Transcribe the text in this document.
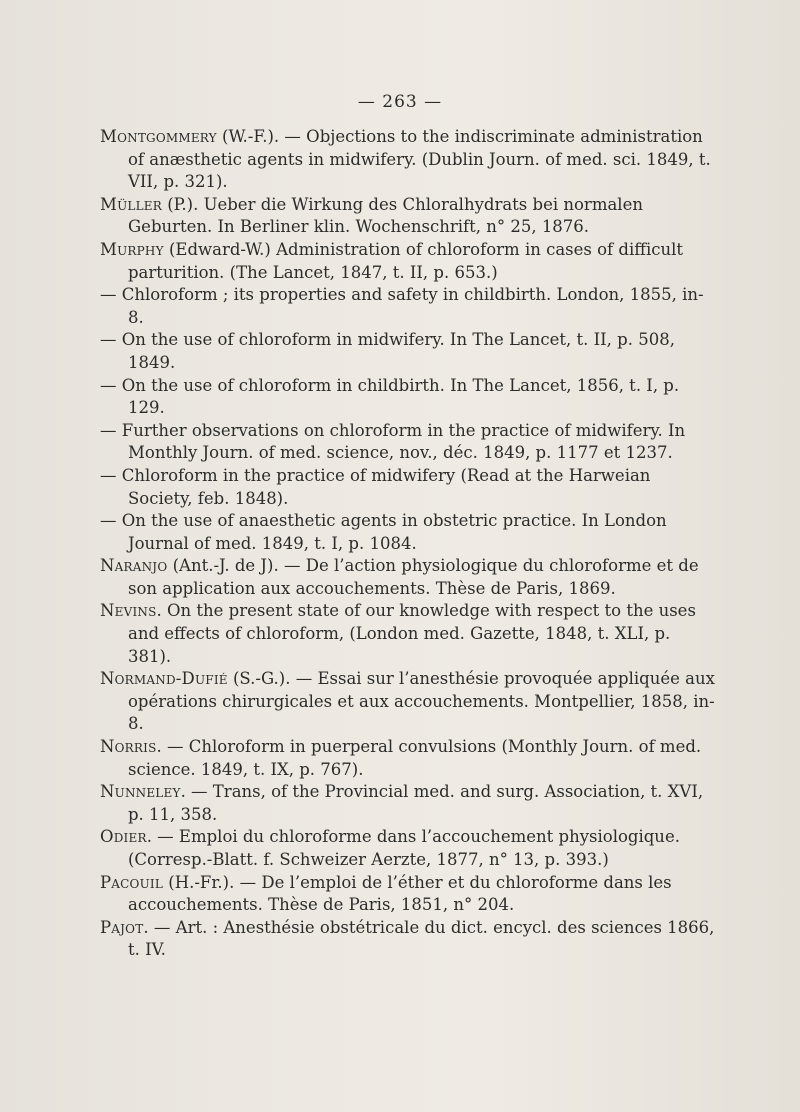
— 263 —

Montgommery (W.-F.). — Objections to the indiscriminate administration of anæsthetic agents in midwifery. (Dublin Journ. of med. sci. 1849, t. VII, p. 321).

Müller (P.). Ueber die Wirkung des Chloralhydrats bei normalen Geburten. In Berliner klin. Wochenschrift, n° 25, 1876.

Murphy (Edward-W.) Administration of chloroform in cases of difficult parturition. (The Lancet, 1847, t. II, p. 653.)

— Chloroform ; its properties and safety in childbirth. London, 1855, in-8.

— On the use of chloroform in midwifery. In The Lancet, t. II, p. 508, 1849.

— On the use of chloroform in childbirth. In The Lancet, 1856, t. I, p. 129.

— Further observations on chloroform in the practice of midwifery. In Monthly Journ. of med. science, nov., déc. 1849, p. 1177 et 1237.

— Chloroform in the practice of midwifery (Read at the Harweian Society, feb. 1848).

— On the use of anaesthetic agents in obstetric practice. In London Journal of med. 1849, t. I, p. 1084.

Naranjo (Ant.-J. de J). — De l’action physiologique du chloroforme et de son application aux accouchements. Thèse de Paris, 1869.

Nevins. On the present state of our knowledge with respect to the uses and effects of chloroform, (London med. Gazette, 1848, t. XLI, p. 381).

Normand-Dufié (S.-G.). — Essai sur l’anesthésie provoquée appliquée aux opérations chirurgicales et aux accouchements. Montpellier, 1858, in-8.

Norris. — Chloroform in puerperal convulsions (Monthly Journ. of med. science. 1849, t. IX, p. 767).

Nunneley. — Trans, of the Provincial med. and surg. Association, t. XVI, p. 11, 358.

Odier. — Emploi du chloroforme dans l’accouchement physiologique. (Corresp.-Blatt. f. Schweizer Aerzte, 1877, n° 13, p. 393.)

Pacouil (H.-Fr.). — De l’emploi de l’éther et du chloroforme dans les accouchements. Thèse de Paris, 1851, n° 204.

Pajot. — Art. : Anesthésie obstétricale du dict. encycl. des sciences 1866, t. IV.
